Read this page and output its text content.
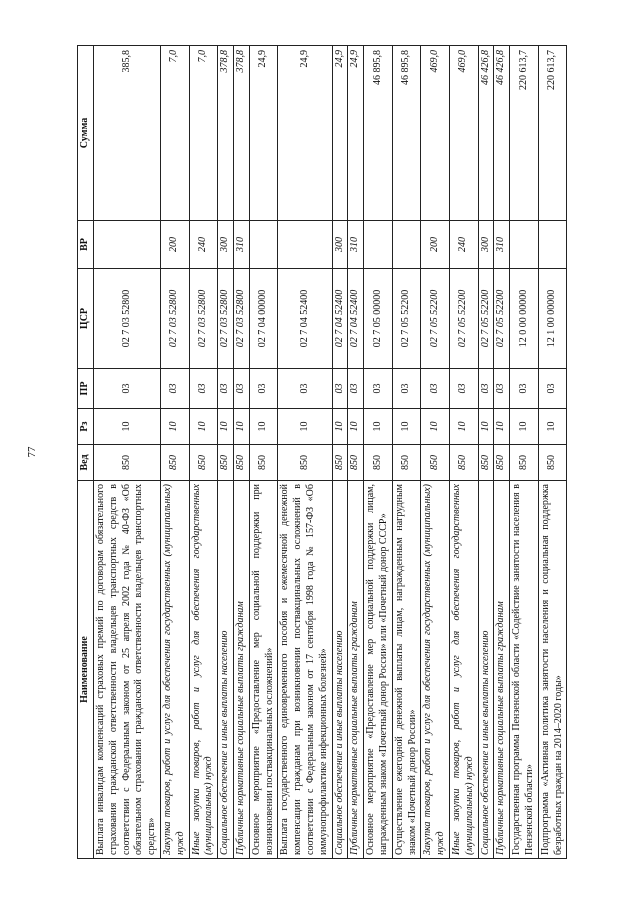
77
Наименование	Вед	Рз	ПР	ЦСР	ВР	Сумма
Выплата инвалидам компенсаций страховых премий по договорам обязательного страхования гражданской ответственности владельцев транспортных средств в соответствии с Федеральным законом от 25 апреля 2002 года № 40-ФЗ «Об обязательном страховании гражданской ответственности владельцев транспортных средств»	850	10	03	02 7 03 52800		385,8
Закупка товаров, работ и услуг для обеспечения государственных (муниципальных) нужд	850	10	03	02 7 03 52800	200	7,0
Иные закупки товаров, работ и услуг для обеспечения государственных (муниципальных) нужд	850	10	03	02 7 03 52800	240	7,0
Социальное обеспечение и иные выплаты населению	850	10	03	02 7 03 52800	300	378,8
Публичные нормативные социальные выплаты гражданам	850	10	03	02 7 03 52800	310	378,8
Основное мероприятие «Предоставление мер социальной поддержки при возникновении поствакцинальных осложнений»	850	10	03	02 7 04 00000		24,9
Выплата государственного единовременного пособия и ежемесячной денежной компенсации гражданам при возникновении поствакцинальных осложнений в соответствии с Федеральным законом от 17 сентября 1998 года № 157-ФЗ «Об иммунопрофилактике инфекционных болезней»	850	10	03	02 7 04 52400		24,9
Социальное обеспечение и иные выплаты населению	850	10	03	02 7 04 52400	300	24,9
Публичные нормативные социальные выплаты гражданам	850	10	03	02 7 04 52400	310	24,9
Основное мероприятие «Предоставление мер социальной поддержки лицам, награжденным знаком «Почетный донор России» или «Почетный донор СССР»	850	10	03	02 7 05 00000		46 895,8
Осуществление ежегодной денежной выплаты лицам, награжденным нагрудным знаком «Почетный донор России»	850	10	03	02 7 05 52200		46 895,8
Закупка товаров, работ и услуг для обеспечения государственных (муниципальных) нужд	850	10	03	02 7 05 52200	200	469,0
Иные закупки товаров, работ и услуг для обеспечения государственных (муниципальных) нужд	850	10	03	02 7 05 52200	240	469,0
Социальное обеспечение и иные выплаты населению	850	10	03	02 7 05 52200	300	46 426,8
Публичные нормативные социальные выплаты гражданам	850	10	03	02 7 05 52200	310	46 426,8
Государственная программа Пензенской области «Содействие занятости населения в Пензенской области»	850	10	03	12 0 00 00000		220 613,7
Подпрограмма «Активная политика занятости населения и социальная поддержка безработных граждан на 2014–2020 годы»	850	10	03	12 1 00 00000		220 613,7
